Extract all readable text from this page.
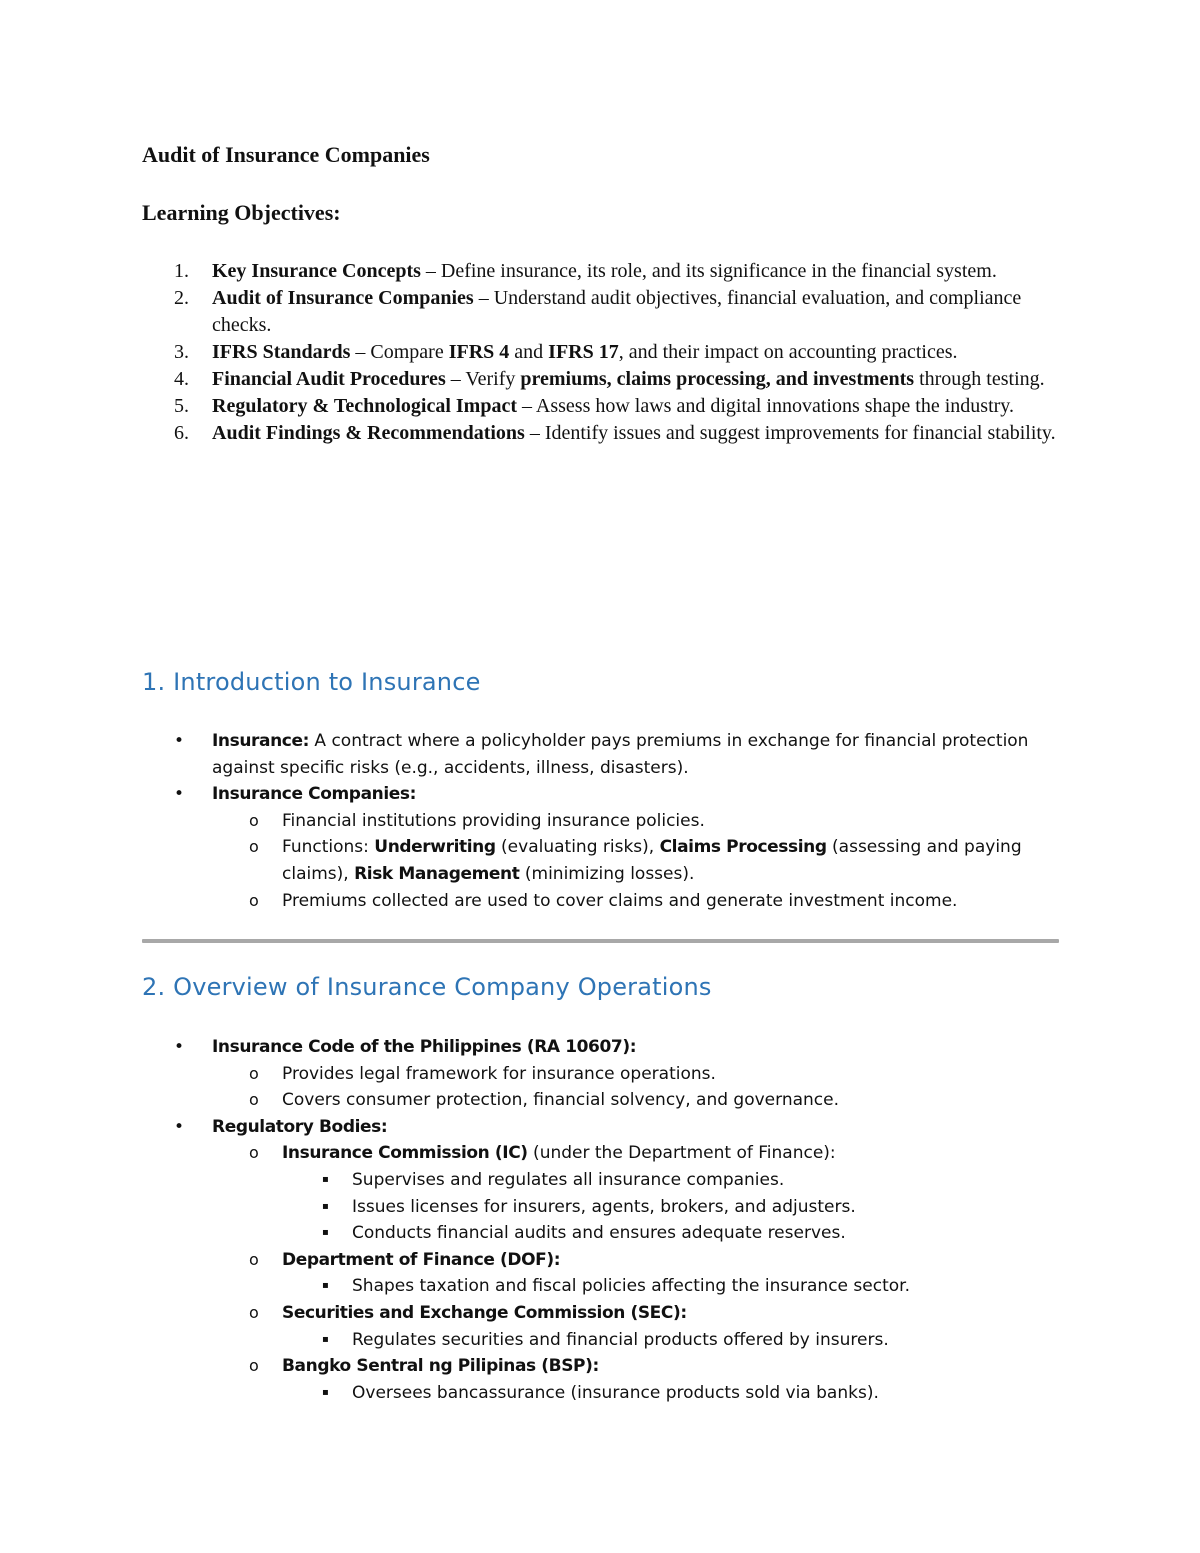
Audit of Insurance Companies
Learning Objectives:

1. Key Insurance Concepts – Define insurance, its role, and its significance in the financial system.

2. Audit of Insurance Companies – Understand audit objectives, financial evaluation, and compliance checks.

3. IFRS Standards – Compare IFRS 4 and IFRS 17, and their impact on accounting practices.

4. Financial Audit Procedures – Verify premiums, claims processing, and investments through testing.

5. Regulatory & Technological Impact – Assess how laws and digital innovations shape the industry.

6. Audit Findings & Recommendations – Identify issues and suggest improvements for financial stability.

1. Introduction to Insurance
• Insurance: A contract where a policyholder pays premiums in exchange for financial protection against specific risks (e.g., accidents, illness, disasters).
• Insurance Companies:
o Financial institutions providing insurance policies.
o Functions: Underwriting (evaluating risks), Claims Processing (assessing and paying claims), Risk Management (minimizing losses).
o Premiums collected are used to cover claims and generate investment income.
2. Overview of Insurance Company Operations
• Insurance Code of the Philippines (RA 10607):
o Provides legal framework for insurance operations.
o Covers consumer protection, financial solvency, and governance.
• Regulatory Bodies:
o Insurance Commission (IC) (under the Department of Finance):
▪ Supervises and regulates all insurance companies.
▪ Issues licenses for insurers, agents, brokers, and adjusters.
▪ Conducts financial audits and ensures adequate reserves.
o Department of Finance (DOF):
▪ Shapes taxation and fiscal policies affecting the insurance sector.
o Securities and Exchange Commission (SEC):
▪ Regulates securities and financial products offered by insurers.
o Bangko Sentral ng Pilipinas (BSP):
▪ Oversees bancassurance (insurance products sold via banks).
